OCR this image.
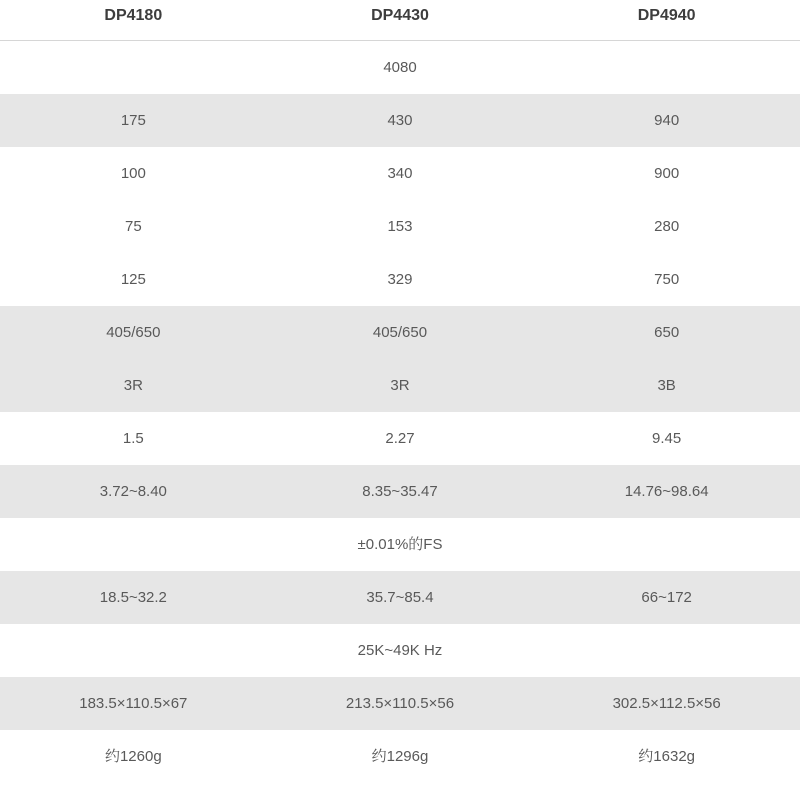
DP4180	DP4430	DP4940
4080		
175	430	940
100	340	900
75	153	280
125	329	750
405/650	405/650	650
3R	3R	3B
1.5	2.27	9.45
3.72~8.40	8.35~35.47	14.76~98.64
±0.01%的FS		
18.5~32.2	35.7~85.4	66~172
25K~49K Hz		
183.5×110.5×67	213.5×110.5×56	302.5×112.5×56
约1260g	约1296g	约1632g
